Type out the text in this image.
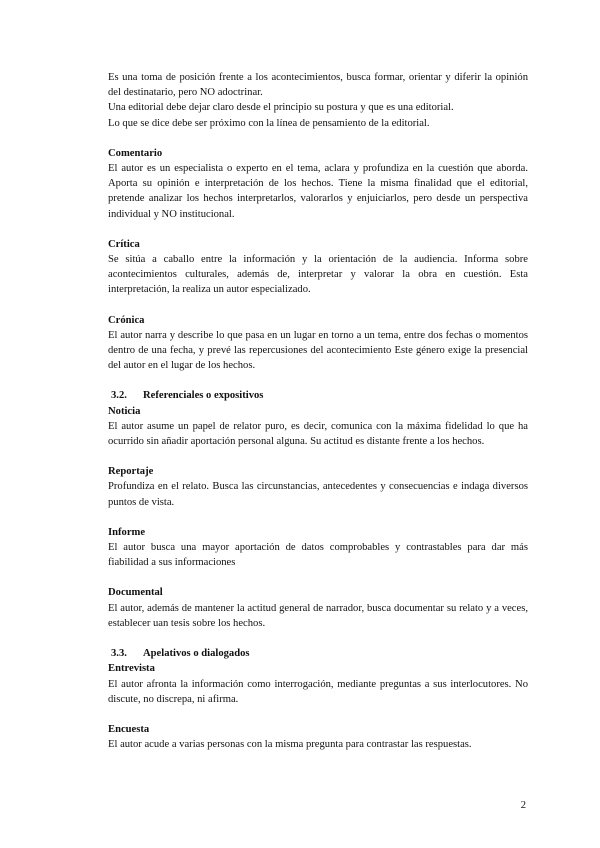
Es una toma de posición frente a los acontecimientos, busca formar, orientar y diferir la opinión del destinatario, pero NO adoctrinar.

Una editorial debe dejar claro desde el principio su postura y que es una editorial.

Lo que se dice debe ser próximo con la línea de pensamiento de la editorial.

Comentario

El autor es un especialista o experto en el tema, aclara y profundiza en la cuestión que aborda. Aporta su opinión e interpretación de los hechos. Tiene la misma finalidad que el editorial, pretende analizar los hechos interpretarlos, valorarlos y enjuiciarlos, pero desde un perspectiva individual y NO institucional.

Crítica

Se sitúa a caballo entre la información y la orientación de la audiencia. Informa sobre acontecimientos culturales, además de, interpretar y valorar la obra en cuestión. Esta interpretación, la realiza un autor especializado.

Crónica

El autor narra y describe lo que pasa en un lugar en torno a un tema, entre dos fechas o momentos dentro de una fecha, y prevé las repercusiones del acontecimiento Este género exige la presencial del autor en el lugar de los hechos.

3.2.	Referenciales o expositivos
Noticia

El autor asume un papel de relator puro, es decir, comunica con la máxima fidelidad lo que ha ocurrido sin añadir aportación personal alguna. Su actitud es distante frente a los hechos.

Reportaje

Profundiza en el relato. Busca las circunstancias, antecedentes y consecuencias e indaga diversos puntos de vista.

Informe

El autor busca una mayor aportación de datos comprobables y contrastables para dar más fiabilidad a sus informaciones

Documental

El autor, además de mantener la actitud general de narrador, busca documentar su relato y a veces, establecer uan tesis sobre los hechos.

3.3.	Apelativos o dialogados
Entrevista

El autor afronta la información como interrogación, mediante preguntas a sus interlocutores. No discute, no discrepa, ni afirma.

Encuesta

El autor acude a varias personas con la misma pregunta para contrastar las respuestas.

2
